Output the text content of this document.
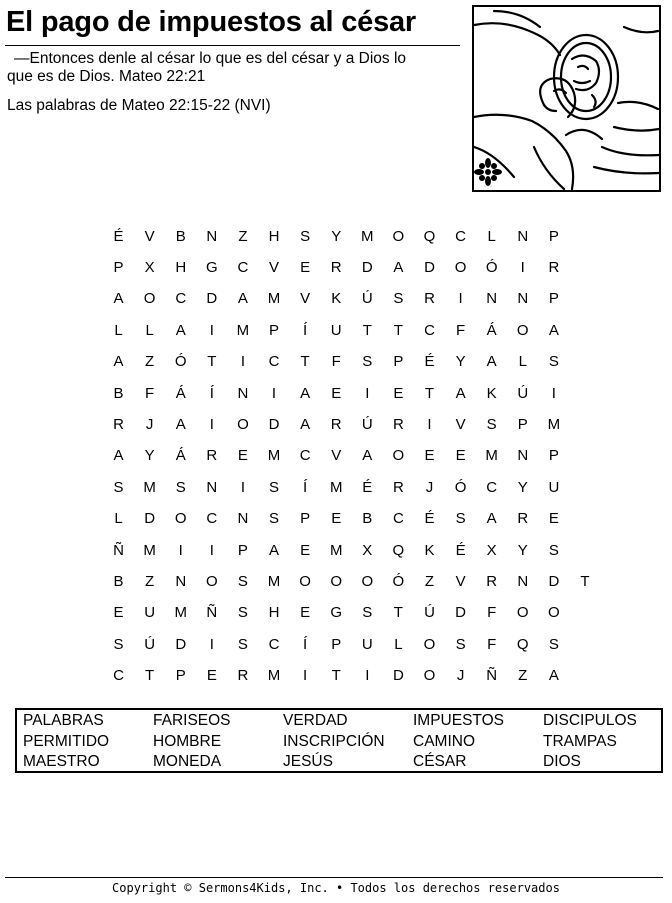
El pago de impuestos al césar
—Entonces denle al césar lo que es del césar y a Dios lo
que es de Dios. Mateo 22:21
Las palabras de Mateo 22:15-22 (NVI)
É	V	B	N	Z	H	S	Y	M	O	Q	C	L	N	P
P	X	H	G	C	V	E	R	D	A	D	O	Ó	I	R
A	O	C	D	A	M	V	K	Ú	S	R	I	N	N	P
L	L	A	I	M	P	Í	U	T	T	C	F	Á	O	A
A	Z	Ó	T	I	C	T	F	S	P	É	Y	A	L	S
B	F	Á	Í	N	I	A	E	I	E	T	A	K	Ú	I
R	J	A	I	O	D	A	R	Ú	R	I	V	S	P	M
A	Y	Á	R	E	M	C	V	A	O	E	E	M	N	P
S	M	S	N	I	S	Í	M	É	R	J	Ó	C	Y	U
L	D	O	C	N	S	P	E	B	C	É	S	A	R	E
Ñ	M	I	I	P	A	E	M	X	Q	K	É	X	Y	S
B	Z	N	O	S	M	O	O	O	Ó	Z	V	R	N	D	T
E	U	M	Ñ	S	H	E	G	S	T	Ú	D	F	O	O
S	Ú	D	I	S	C	Í	P	U	L	O	S	F	Q	S
C	T	P	E	R	M	I	T	I	D	O	J	Ñ	Z	A
PALABRAS	FARISEOS	VERDAD	IMPUESTOS	DISCIPULOS
PERMITIDO	HOMBRE	INSCRIPCIÓN CAMINO	TRAMPAS
MAESTRO	MONEDA	JESÚS	CÉSAR	DIOS
Copyright © Sermons4Kids, Inc. • Todos los derechos reservados
